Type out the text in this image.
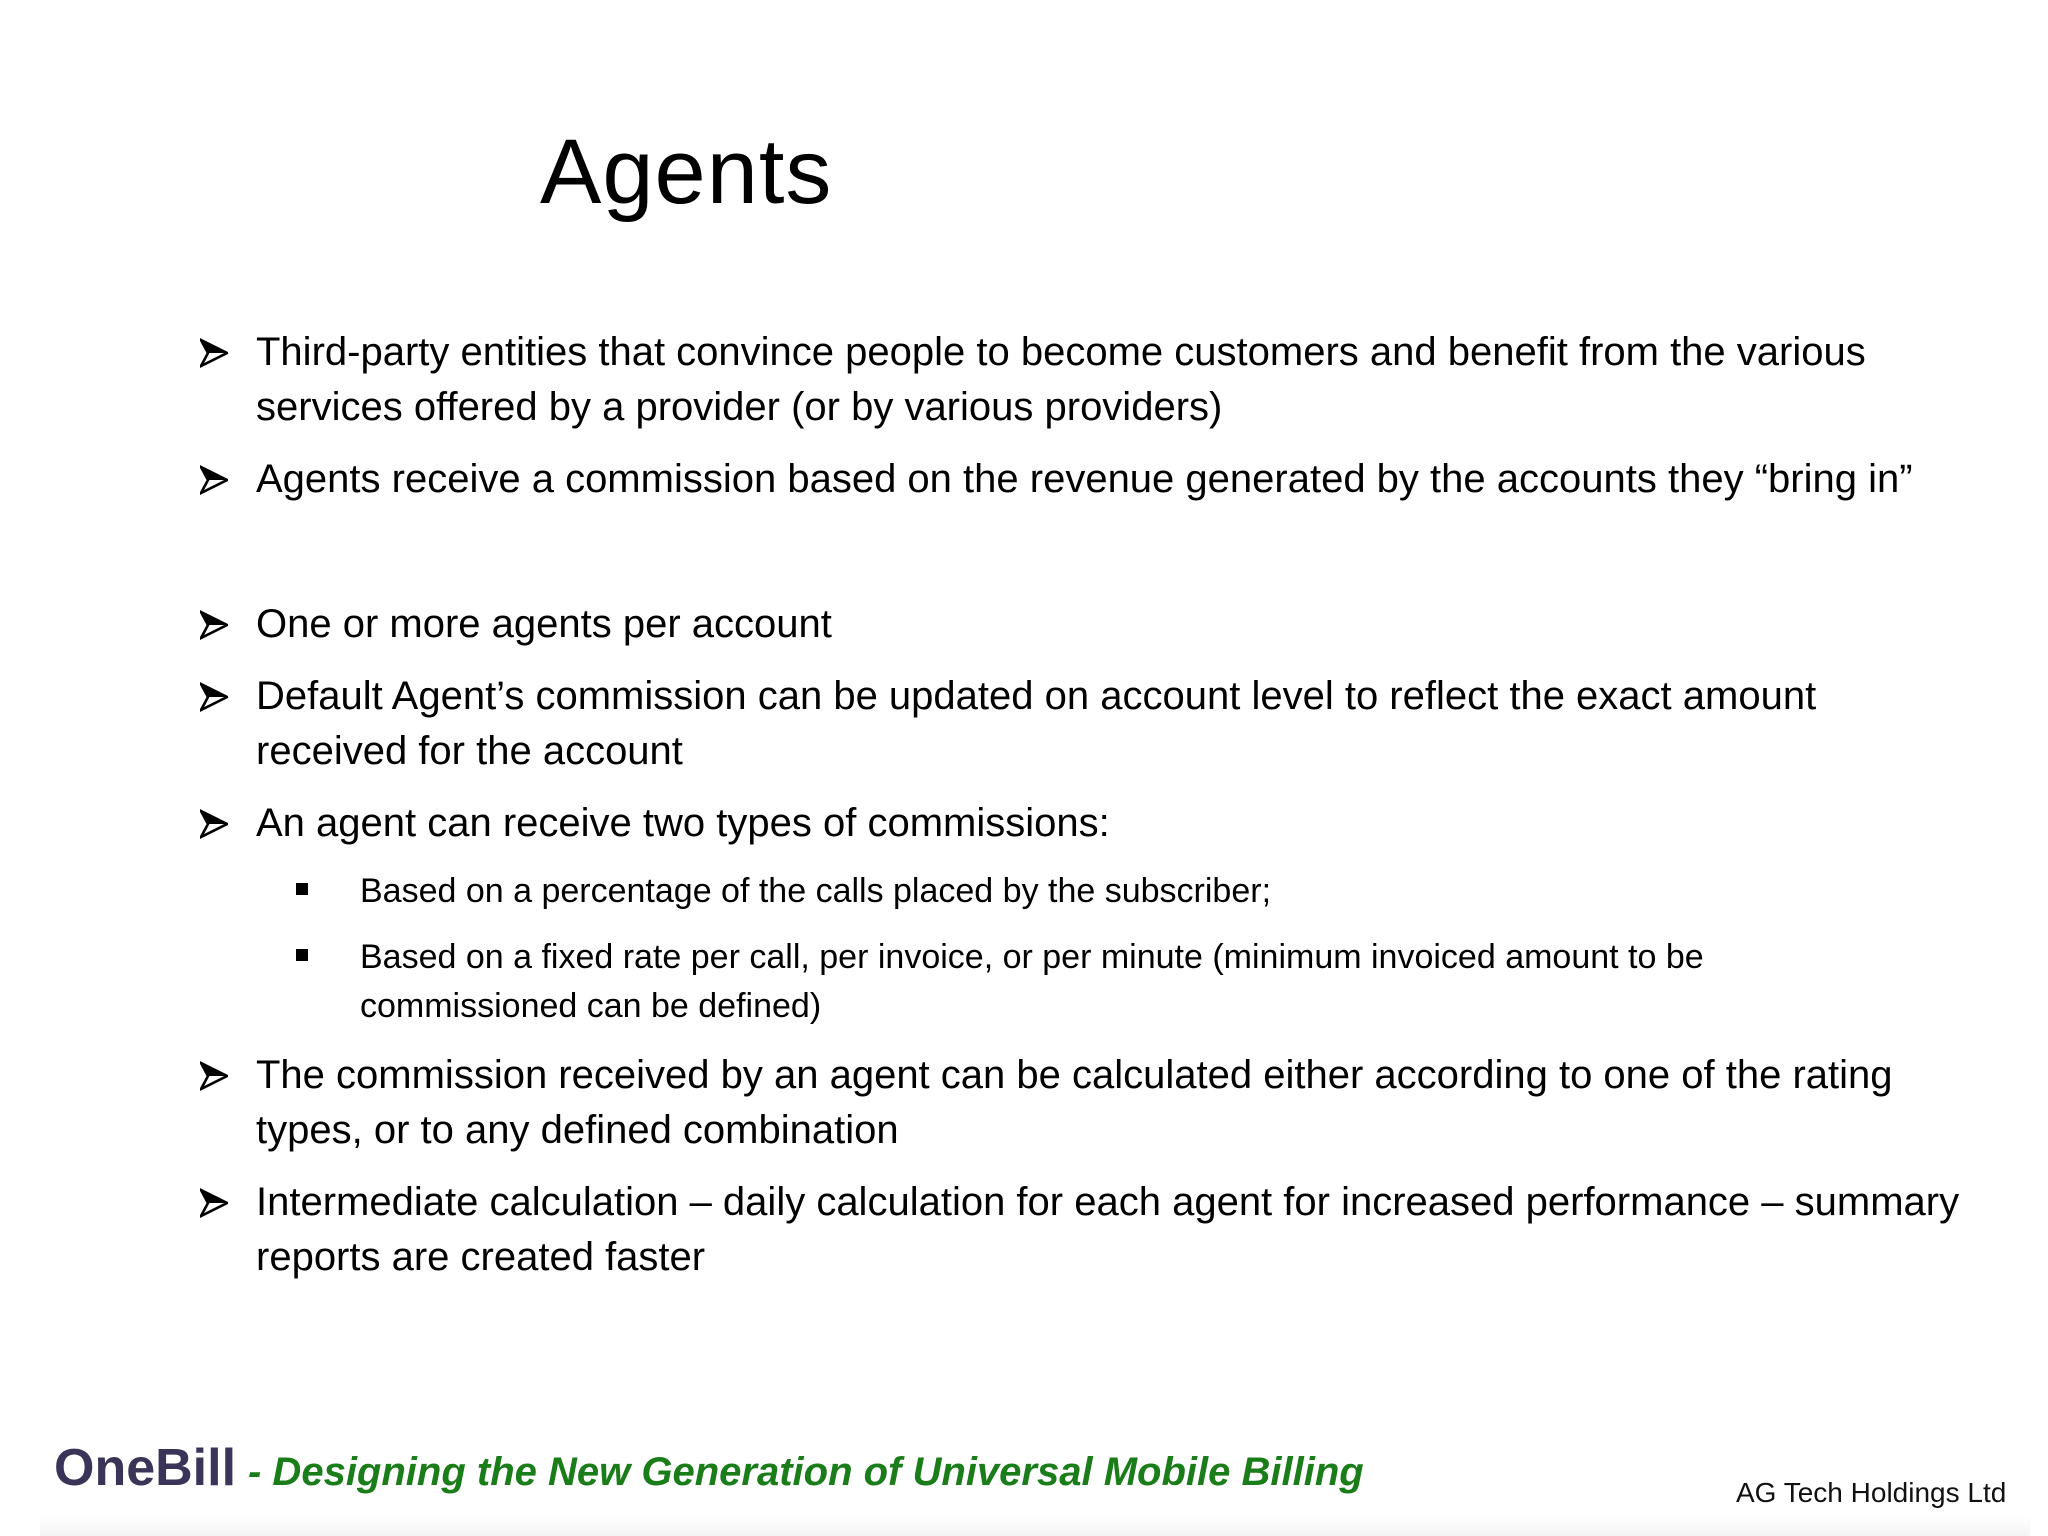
Agents
Third-party entities that convince people to become customers and benefit from the various services offered by a provider (or by various providers)
Agents receive a commission based on the revenue generated by the accounts they “bring in”
One or more agents per account
Default Agent’s commission can be updated on account level to reflect the exact amount received for the account
An agent can receive two types of commissions:
Based on a percentage of the calls placed by the subscriber;
Based on a fixed rate per call, per invoice, or per minute (minimum invoiced amount to be commissioned can be defined)
The commission received by an agent can be calculated either according to one of the rating types, or to any defined combination
Intermediate calculation – daily calculation for each agent for increased performance – summary reports are created faster
OneBill - Designing the New Generation of Universal Mobile Billing	AG Tech Holdings Ltd
